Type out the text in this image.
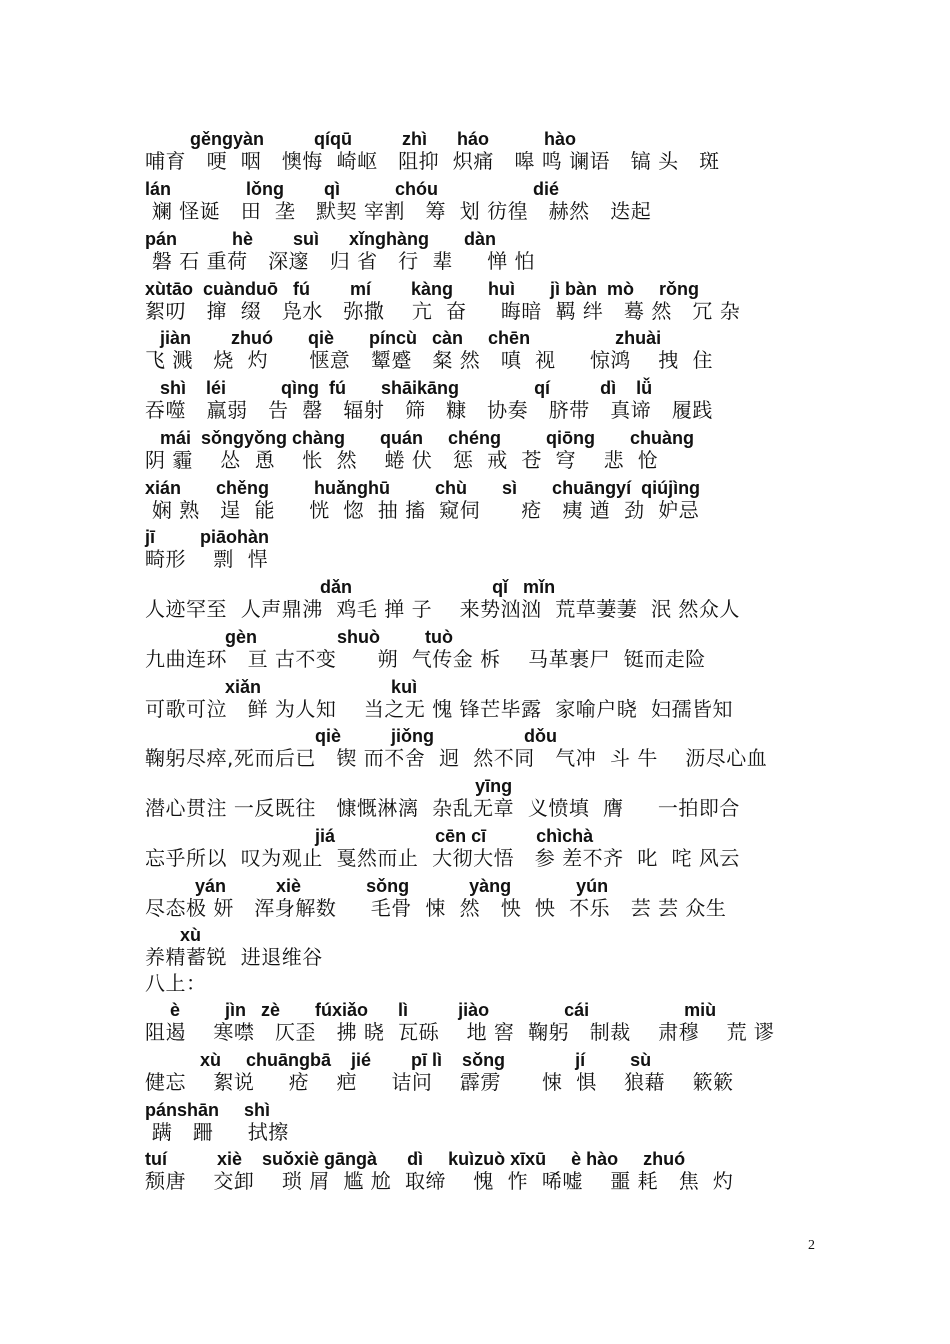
gěngyàn          qíqū          zhì      háo           hào
哺育   哽  咽   懊悔  崎岖   阻抑  炽痛   嗥 鸣 谰语   镐 头   斑
lán               lǒng        qì           chóu                   dié
斓 怪诞   田  垄   默契 宰割   筹  划 彷徨   赫然   迭起
pán           hè        suì      xǐnghàng       dàn
磐 石 重荷   深邃   归 省   行  辈     惮 怕
xùtāo  cuànduō   fú        mí        kàng       huì       jì bàn  mò     rǒng
絮叨   撺  缀   凫水   弥撒    亢  奋     晦暗  羁 绊   蓦 然   冗 杂
jiàn        zhuó       qiè       píncù   càn     chēn                 zhuài
飞 溅   烧  灼      惬意   颦蹙   粲 然   嗔  视     惊鸿    拽  住
shì    léi           qìng  fú       shāikāng               qí          dì    lǚ
吞噬   羸弱   告  罄   辐射   筛   糠   协奏   脐带   真谛   履践
mái  sǒngyǒng chàng       quán     chéng         qiōng       chuàng
阴 霾    怂  恿    怅  然    蜷 伏   惩  戒  苍  穹    悲  怆
xián       chěng         huǎnghū         chù       sì       chuāngyí  qiújìng
娴 熟   逞  能     恍  惚  抽 搐  窥伺      疮   痍 遒  劲  妒忌
jī         piāohàn
畸形    剽  悍
dǎn                            qǐ   mǐn
人迹罕至  人声鼎沸  鸡毛 掸 子    来势汹汹  荒草萋萋  泯 然众人
gèn                shuò         tuò
九曲连环   亘 古不变      朔  气传金 柝    马革裹尸  铤而走险
xiǎn                          kuì
可歌可泣   鲜 为人知    当之无 愧 锋芒毕露  家喻户晓  妇孺皆知
qiè          jiǒng                  dǒu
鞠躬尽瘁,死而后已   锲 而不舍  迥  然不同   气冲  斗 牛    沥尽心血
yīng
潜心贯注 一反既往   慷慨淋漓  杂乱无章  义愤填  膺     一拍即合
jiá                    cēn cī          chìchà
忘乎所以  叹为观止  戛然而止  大彻大悟   参 差不齐  叱  咤 风云
yán          xiè             sǒng            yàng             yún
尽态极 妍   浑身解数     毛骨  悚  然   怏  怏  不乐   芸 芸 众生
xù
养精蓄锐  进退维谷
八上：
è         jìn   zè       fúxiǎo      lì          jiào               cái                   miù
阻遏    寒噤   仄歪   拂 晓  瓦砾    地 窖  鞠躬   制裁    肃穆    荒 谬
xù     chuāngbā    jié        pī lì    sǒng              jí         sù
健忘    絮说     疮    疤     诘问    霹雳      悚  惧    狼藉    簌簌
pánshān     shì
蹒   跚     拭擦
tuí          xiè    suǒxiè gāngà      dì     kuìzuò xīxū     è hào     zhuó
颓唐    交卸    琐 屑  尴 尬  取缔    愧  怍  唏嘘    噩 耗   焦  灼
2
